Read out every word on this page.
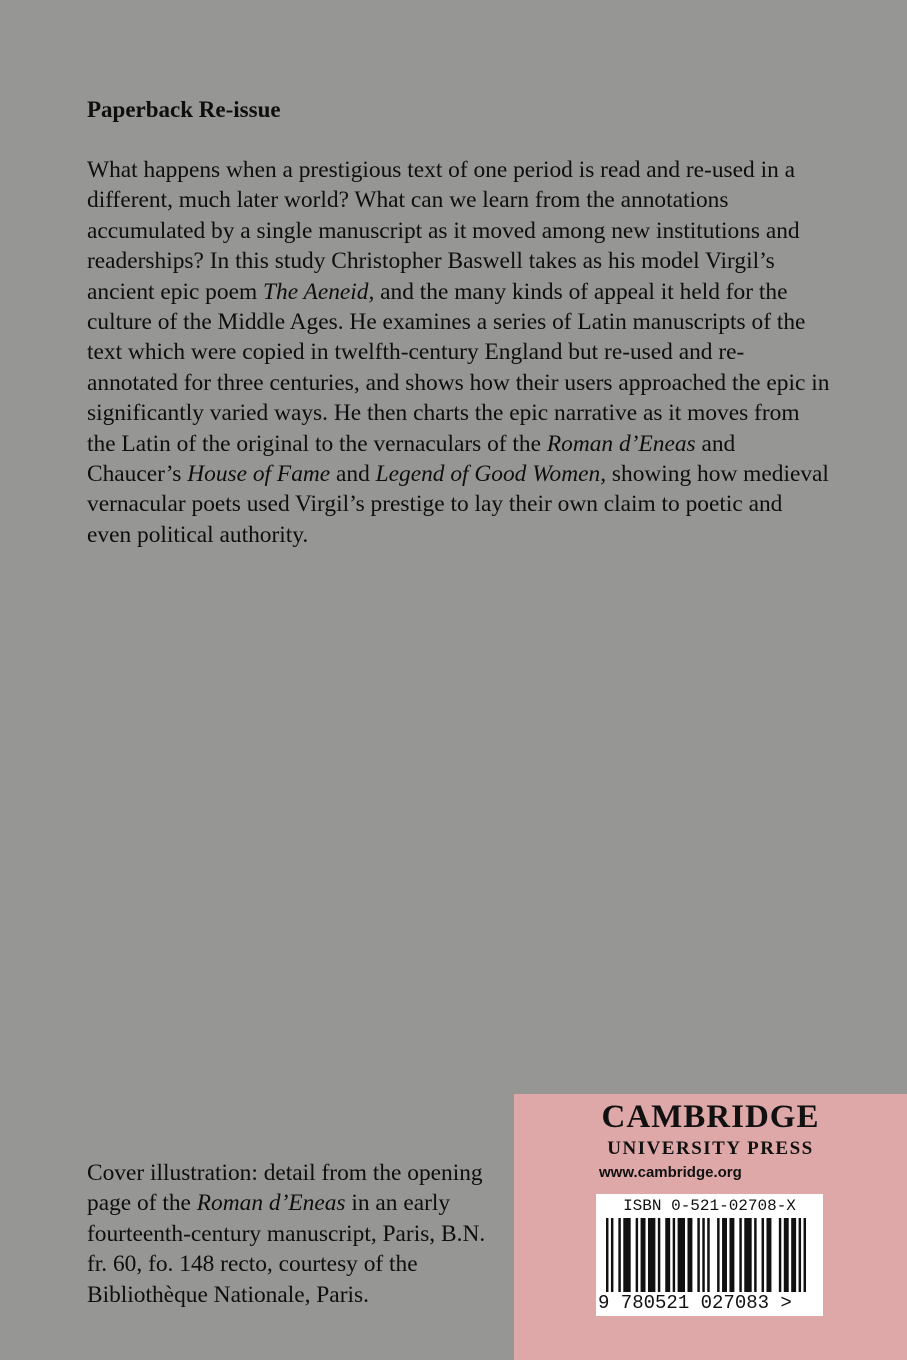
Paperback Re-issue

What happens when a prestigious text of one period is read and re-used in a different, much later world? What can we learn from the annotations accumulated by a single manuscript as it moved among new institutions and readerships? In this study Christopher Baswell takes as his model Virgil’s ancient epic poem The Aeneid, and the many kinds of appeal it held for the culture of the Middle Ages. He examines a series of Latin manuscripts of the text which were copied in twelfth-century England but re-used and re-annotated for three centuries, and shows how their users approached the epic in significantly varied ways. He then charts the epic narrative as it moves from the Latin of the original to the vernaculars of the Roman d’Eneas and Chaucer’s House of Fame and Legend of Good Women, showing how medieval vernacular poets used Virgil’s prestige to lay their own claim to poetic and even political authority.

Cover illustration: detail from the opening page of the Roman d’Eneas in an early fourteenth-century manuscript, Paris, B.N. fr. 60, fo. 148 recto, courtesy of the Bibliothèque Nationale, Paris.

CAMBRIDGE
UNIVERSITY PRESS
www.cambridge.org
ISBN 0-521-02708-X
9 780521 027083 >
